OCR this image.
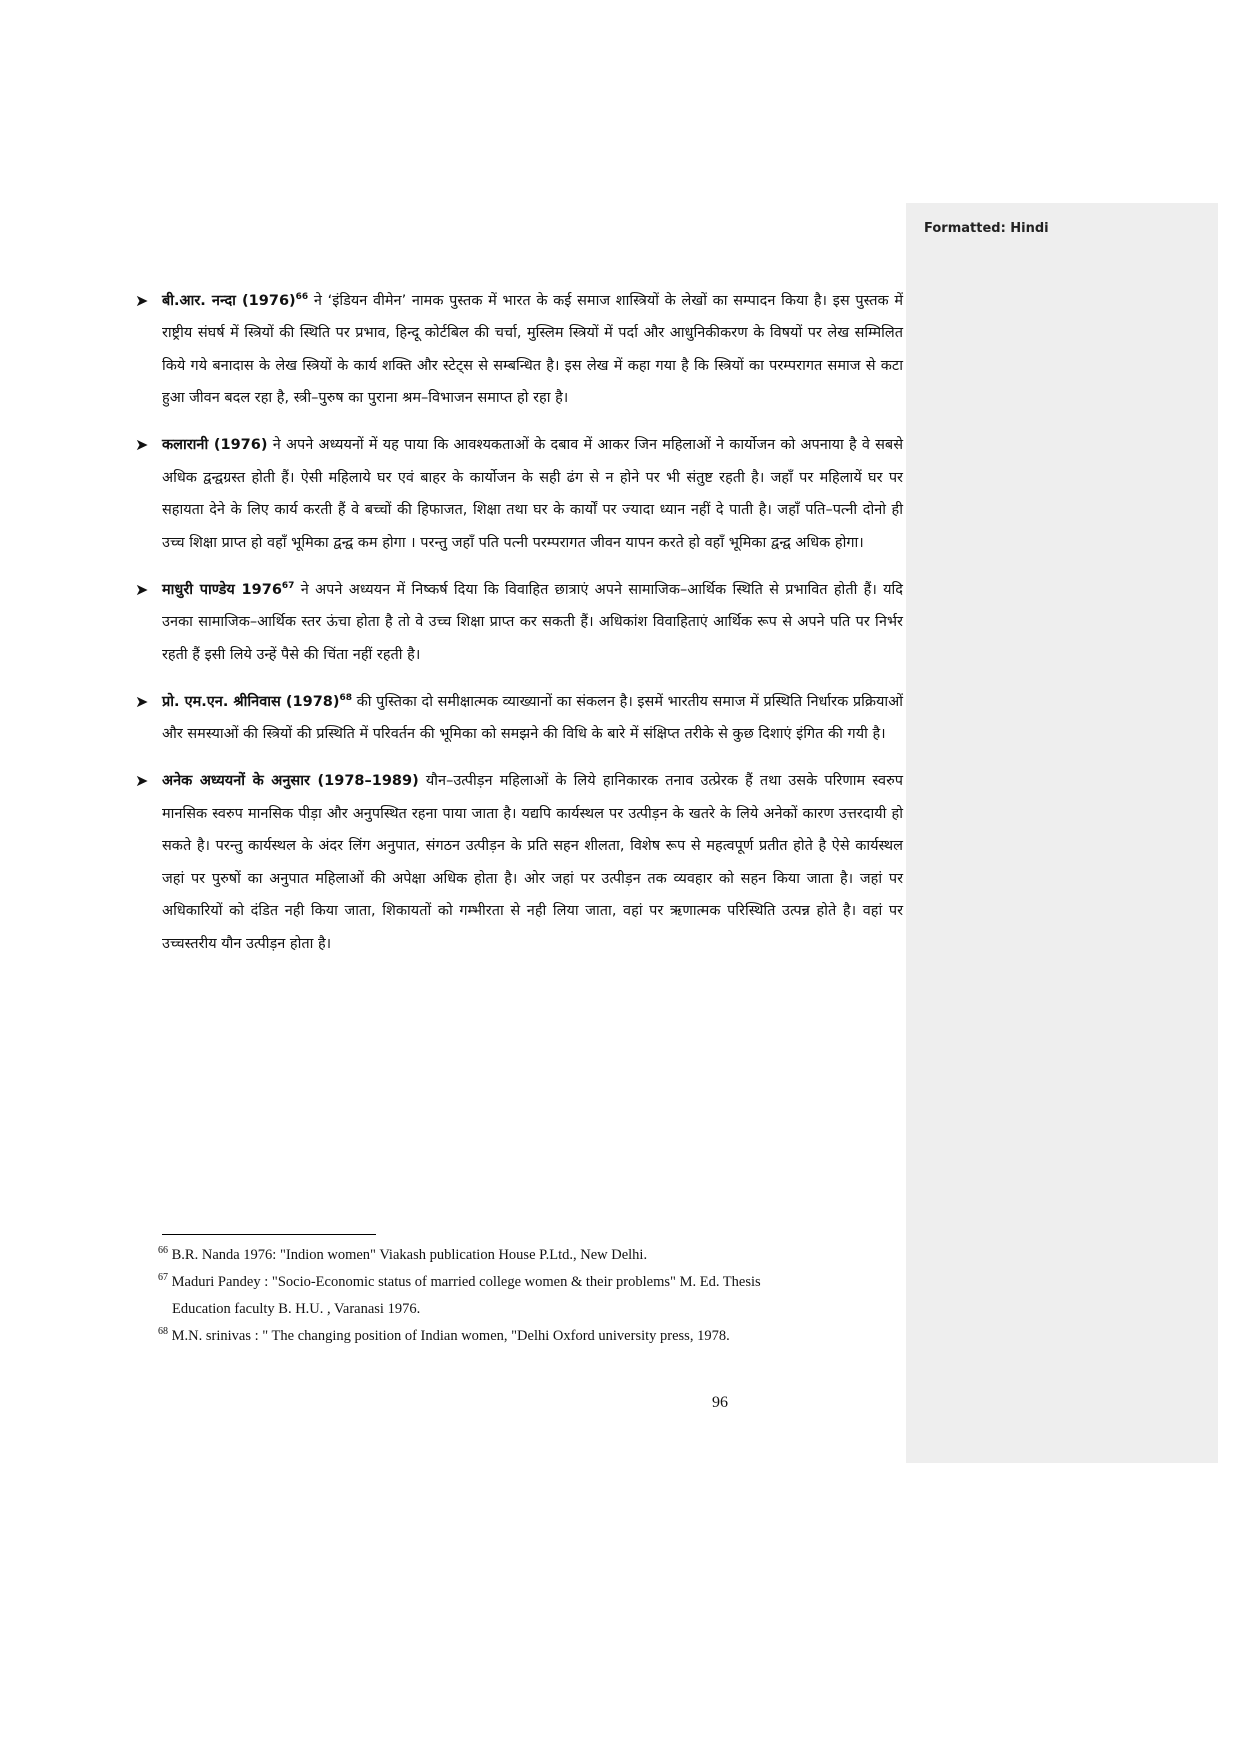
Formatted: Hindi

➤ बी.आर. नन्दा (1976)$^{66}$ ने ‘इंडियन वीमेन’ नामक पुस्तक में भारत के कई समाज शास्त्रियों के लेखों का सम्पादन किया है। इस पुस्तक में राष्ट्रीय संघर्ष में स्त्रियों की स्थिति पर प्रभाव, हिन्दू कोर्टबिल की चर्चा, मुस्लिम स्त्रियों में पर्दा और आधुनिकीकरण के विषयों पर लेख सम्मिलित किये गये बनादास के लेख स्त्रियों के कार्य शक्ति और स्टेट्स से सम्बन्धित है। इस लेख में कहा गया है कि स्त्रियों का परम्परागत समाज से कटा हुआ जीवन बदल रहा है, स्त्री–पुरुष का पुराना श्रम–विभाजन समाप्त हो रहा है।

➤ कलारानी (1976) ने अपने अध्ययनों में यह पाया कि आवश्यकताओं के दबाव में आकर जिन महिलाओं ने कार्योजन को अपनाया है वे सबसे अधिक द्वन्द्वग्रस्त होती हैं। ऐसी महिलाये घर एवं बाहर के कार्योजन के सही ढंग से न होने पर भी संतुष्ट रहती है। जहाँ पर महिलायें घर पर सहायता देने के लिए कार्य करती हैं वे बच्चों की हिफाजत, शिक्षा तथा घर के कार्यों पर ज्यादा ध्यान नहीं दे पाती है। जहाँ पति–पत्नी दोनो ही उच्च शिक्षा प्राप्त हो वहाँ भूमिका द्वन्द्व कम होगा । परन्तु जहाँ पति पत्नी परम्परागत जीवन यापन करते हो वहाँ भूमिका द्वन्द्व अधिक होगा।

➤ माधुरी पाण्डेय 1976$^{67}$ ने अपने अध्ययन में निष्कर्ष दिया कि विवाहित छात्राएं अपने सामाजिक–आर्थिक स्थिति से प्रभावित होती हैं। यदि उनका सामाजिक–आर्थिक स्तर ऊंचा होता है तो वे उच्च शिक्षा प्राप्त कर सकती हैं। अधिकांश विवाहिताएं आर्थिक रूप से अपने पति पर निर्भर रहती हैं इसी लिये उन्हें पैसे की चिंता नहीं रहती है।

➤ प्रो. एम.एन. श्रीनिवास (1978)$^{68}$ की पुस्तिका दो समीक्षात्मक व्याख्यानों का संकलन है। इसमें भारतीय समाज में प्रस्थिति निर्धारक प्रक्रियाओं और समस्याओं की स्त्रियों की प्रस्थिति में परिवर्तन की भूमिका को समझने की विधि के बारे में संक्षिप्त तरीके से कुछ दिशाएं इंगित की गयी है।

➤ अनेक अध्ययनों के अनुसार (1978–1989) यौन–उत्पीड़न महिलाओं के लिये हानिकारक तनाव उत्प्रेरक हैं तथा उसके परिणाम स्वरुप मानसिक स्वरुप मानसिक पीड़ा और अनुपस्थित रहना पाया जाता है। यद्यपि कार्यस्थल पर उत्पीड़न के खतरे के लिये अनेकों कारण उत्तरदायी हो सकते है। परन्तु कार्यस्थल के अंदर लिंग अनुपात, संगठन उत्पीड़न के प्रति सहन शीलता, विशेष रूप से महत्वपूर्ण प्रतीत होते है ऐसे कार्यस्थल जहां पर पुरुषों का अनुपात महिलाओं की अपेक्षा अधिक होता है। ओर जहां पर उत्पीड़न तक व्यवहार को सहन किया जाता है। जहां पर अधिकारियों को दंडित नही किया जाता, शिकायतों को गम्भीरता से नही लिया जाता, वहां पर ऋणात्मक परिस्थिति उत्पन्न होते है। वहां पर उच्चस्तरीय यौन उत्पीड़न होता है।

$^{66}$ B.R. Nanda 1976: "Indion women" Viakash publication House P.Ltd., New Delhi.

$^{67}$ Maduri Pandey : "Socio-Economic status of married college women & their problems" M. Ed. Thesis
Education faculty B. H.U. , Varanasi 1976.

$^{68}$ M.N. srinivas : " The changing position of Indian women, "Delhi Oxford university press, 1978.

96
